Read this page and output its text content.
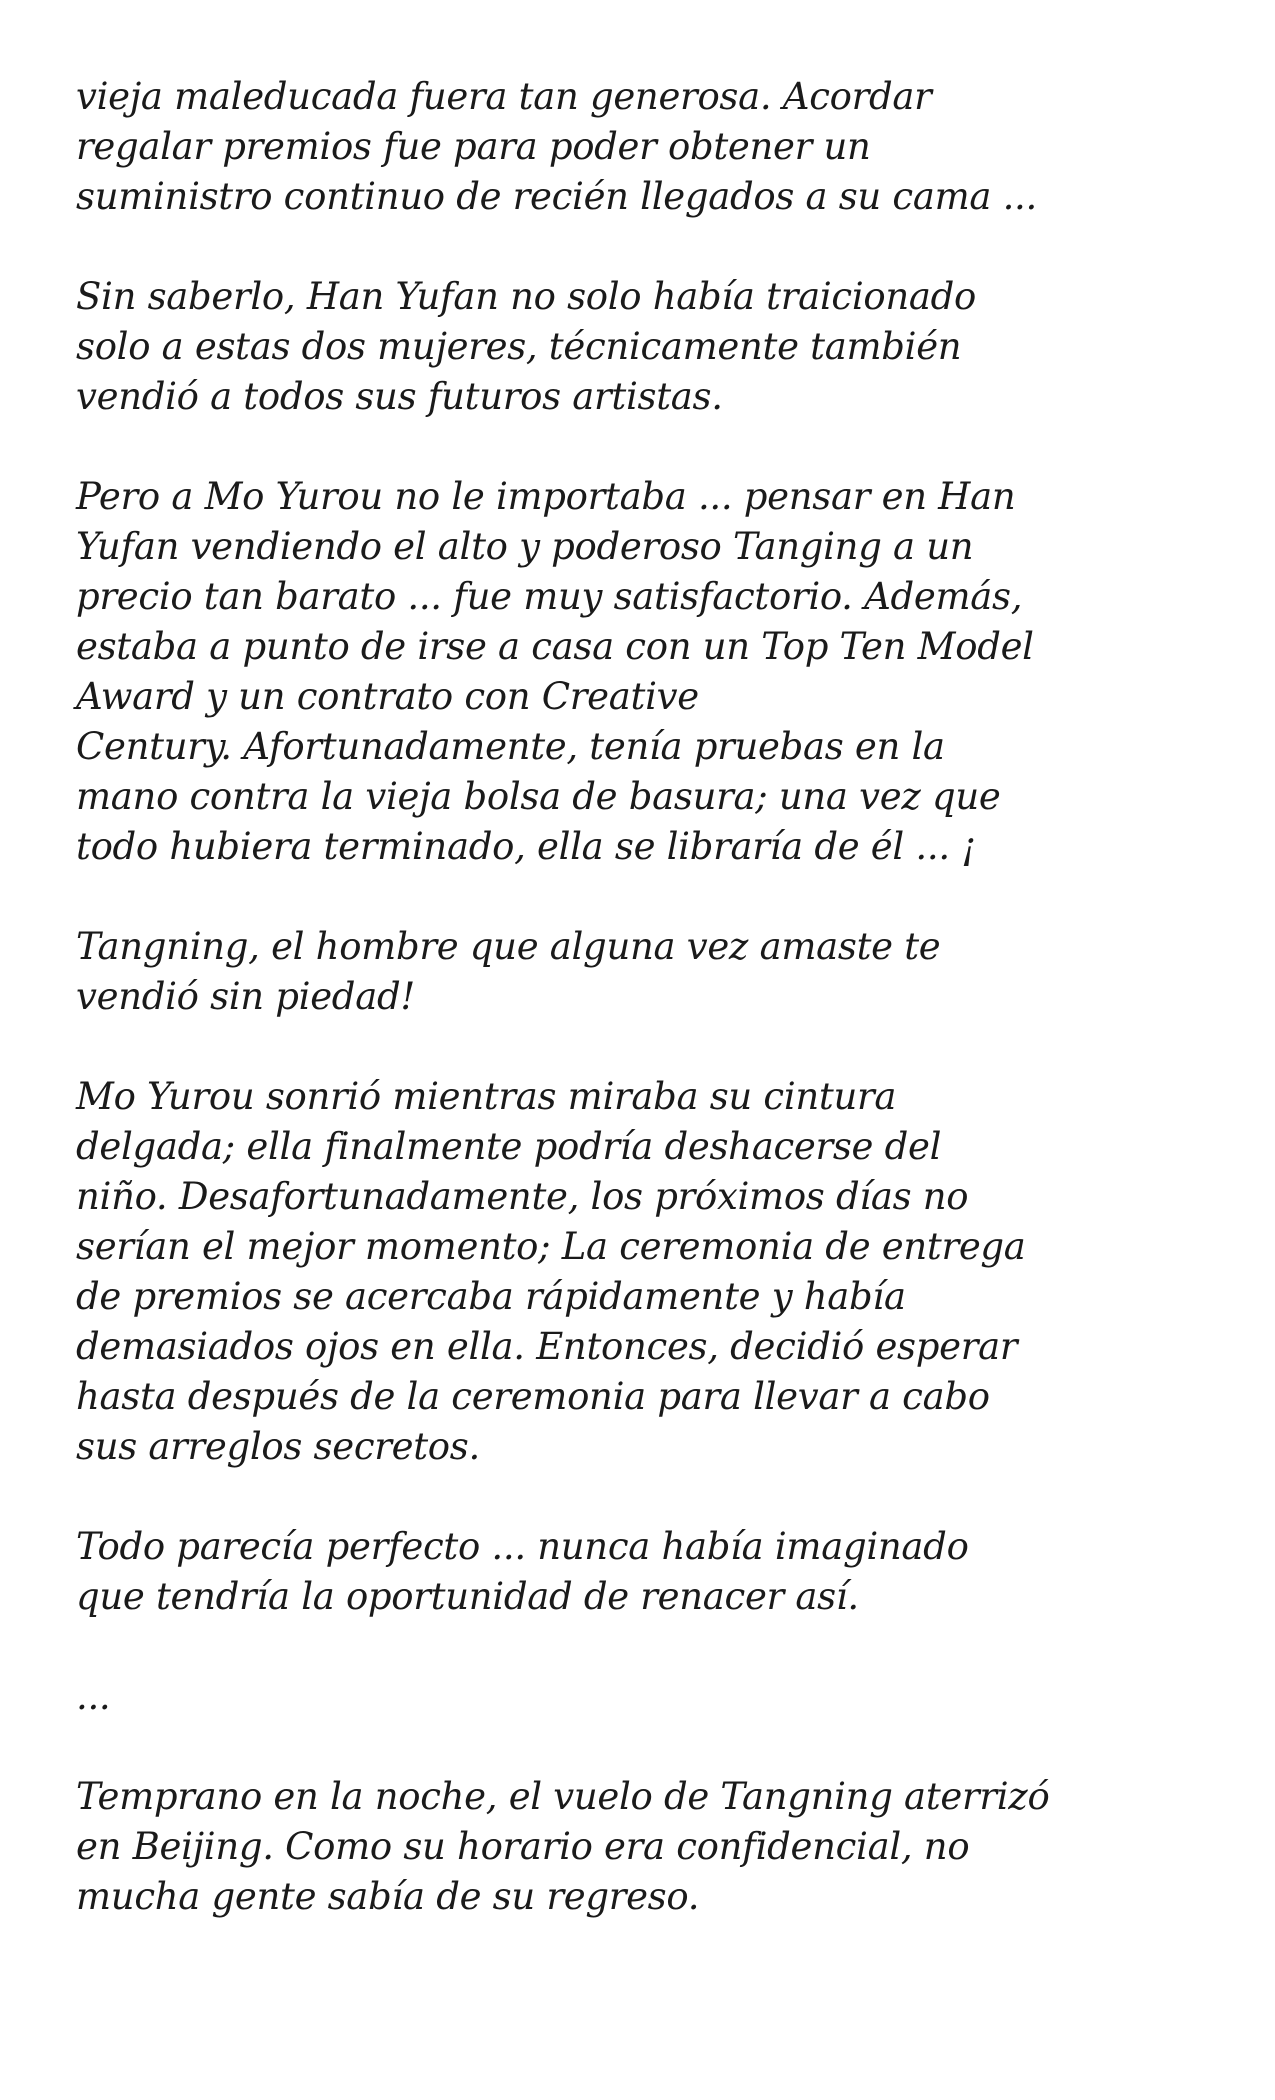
vieja maleducada fuera tan generosa. Acordar
regalar premios fue para poder obtener un
suministro continuo de recién llegados a su cama ...

Sin saberlo, Han Yufan no solo había traicionado
solo a estas dos mujeres, técnicamente también
vendió a todos sus futuros artistas.

Pero a Mo Yurou no le importaba ... pensar en Han
Yufan vendiendo el alto y poderoso Tanging a un
precio tan barato ... fue muy satisfactorio. Además,
estaba a punto de irse a casa con un Top Ten Model
Award y un contrato con Creative
Century. Afortunadamente, tenía pruebas en la
mano contra la vieja bolsa de basura; una vez que
todo hubiera terminado, ella se libraría de él ... ¡

Tangning, el hombre que alguna vez amaste te
vendió sin piedad!

Mo Yurou sonrió mientras miraba su cintura
delgada; ella finalmente podría deshacerse del
niño. Desafortunadamente, los próximos días no
serían el mejor momento; La ceremonia de entrega
de premios se acercaba rápidamente y había
demasiados ojos en ella. Entonces, decidió esperar
hasta después de la ceremonia para llevar a cabo
sus arreglos secretos.

Todo parecía perfecto ... nunca había imaginado
que tendría la oportunidad de renacer así.

...

Temprano en la noche, el vuelo de Tangning aterrizó
en Beijing. Como su horario era confidencial, no
mucha gente sabía de su regreso.
